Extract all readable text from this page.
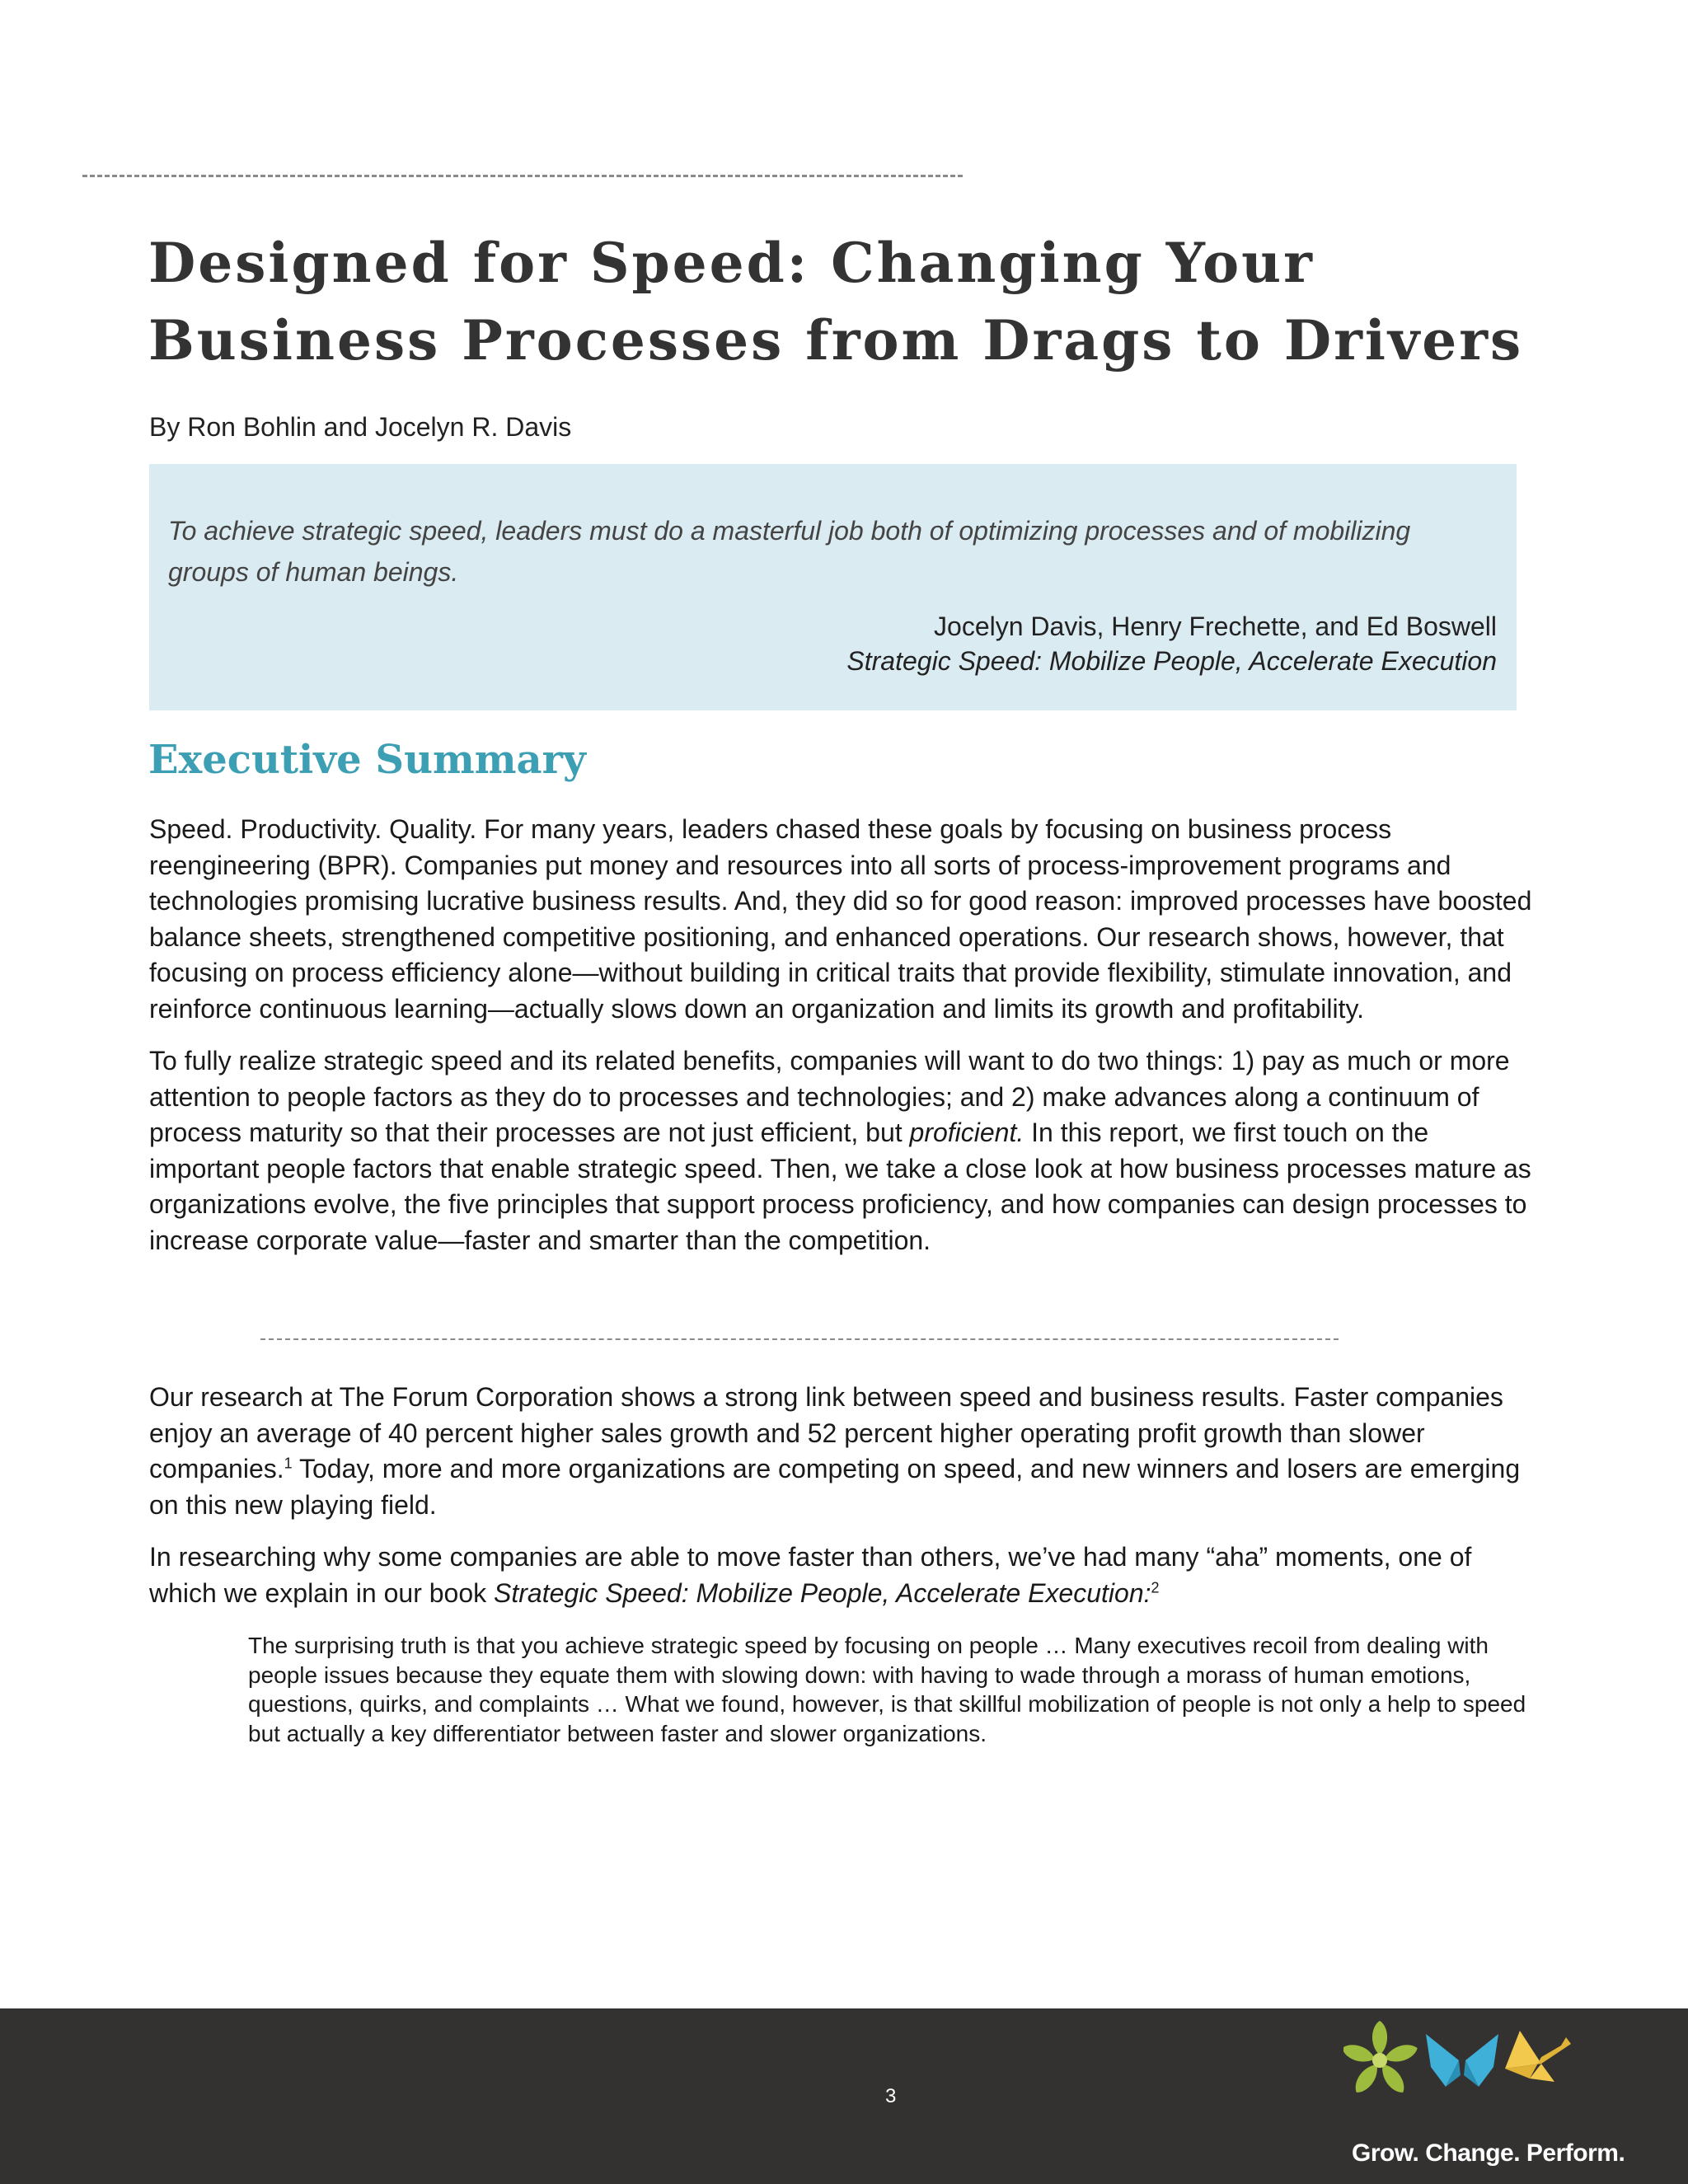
Designed for Speed: Changing Your
Business Processes from Drags to Drivers
By Ron Bohlin and Jocelyn R. Davis

To achieve strategic speed, leaders must do a masterful job both of optimizing processes and of mobilizing groups of human beings.

Jocelyn Davis, Henry Frechette, and Ed Boswell
Strategic Speed: Mobilize People, Accelerate Execution
Executive Summary

Speed. Productivity. Quality. For many years, leaders chased these goals by focusing on business process reengineering (BPR). Companies put money and resources into all sorts of process-improvement programs and technologies promising lucrative business results. And, they did so for good reason: improved processes have boosted balance sheets, strengthened competitive positioning, and enhanced operations. Our research shows, however, that focusing on process efficiency alone—without building in critical traits that provide flexibility, stimulate innovation, and reinforce continuous learning—actually slows down an organization and limits its growth and profitability.

To fully realize strategic speed and its related benefits, companies will want to do two things: 1) pay as much or more attention to people factors as they do to processes and technologies; and 2) make advances along a continuum of process maturity so that their processes are not just efficient, but proficient. In this report, we first touch on the important people factors that enable strategic speed. Then, we take a close look at how business processes mature as organizations evolve, the five principles that support process proficiency, and how companies can design processes to increase corporate value—faster and smarter than the competition.

Our research at The Forum Corporation shows a strong link between speed and business results. Faster companies enjoy an average of 40 percent higher sales growth and 52 percent higher operating profit growth than slower companies.$^1$ Today, more and more organizations are competing on speed, and new winners and losers are emerging on this new playing field.

In researching why some companies are able to move faster than others, we’ve had many “aha” moments, one of which we explain in our book Strategic Speed: Mobilize People, Accelerate Execution:$^2$

The surprising truth is that you achieve strategic speed by focusing on people … Many executives recoil from dealing with people issues because they equate them with slowing down: with having to wade through a morass of human emotions, questions, quirks, and complaints … What we found, however, is that skillful mobilization of people is not only a help to speed but actually a key differentiator between faster and slower organizations.

3
Grow. Change. Perform.
